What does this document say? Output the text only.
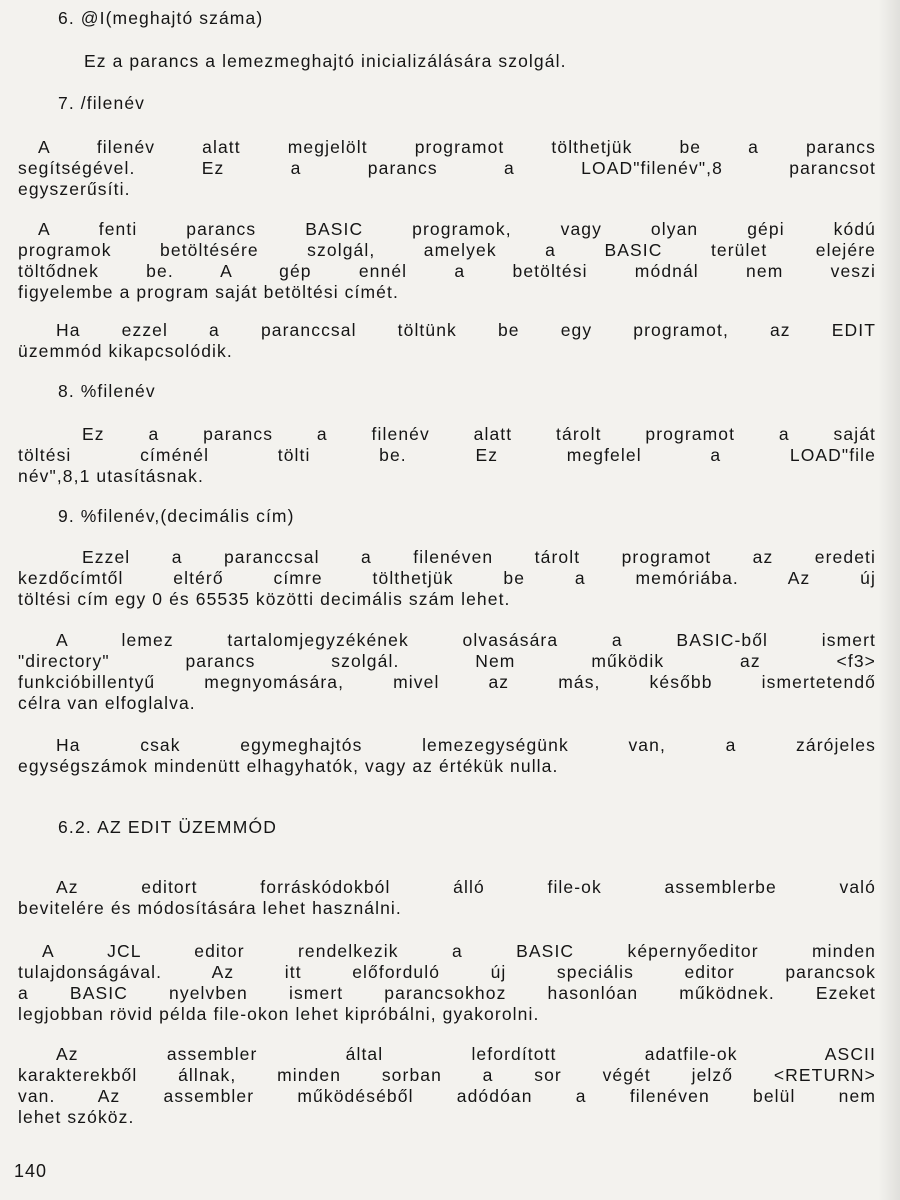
6. @I(meghajtó száma)
Ez a parancs a lemezmeghajtó inicializálására szolgál.
7. /filenév
A filenév alatt megjelölt programot tölthetjük be a parancs
segítségével. Ez a parancs a LOAD"filenév",8 parancsot
egyszerűsíti.
A fenti parancs BASIC programok, vagy olyan gépi kódú
programok betöltésére szolgál, amelyek a BASIC terület elejére
töltődnek be. A gép ennél a betöltési módnál nem veszi
figyelembe a program saját betöltési címét.
Ha ezzel a paranccsal töltünk be egy programot, az EDIT
üzemmód kikapcsolódik.
8. %filenév
Ez a parancs a filenév alatt tárolt programot a saját
töltési címénél tölti be. Ez megfelel a LOAD"file
név",8,1 utasításnak.
9. %filenév,(decimális cím)
Ezzel a paranccsal a filenéven tárolt programot az eredeti
kezdőcímtől eltérő címre tölthetjük be a memóriába. Az új
töltési cím egy 0 és 65535 közötti decimális szám lehet.
A lemez tartalomjegyzékének olvasására a BASIC-ből ismert
"directory" parancs szolgál. Nem működik az <f3>
funkcióbillentyű megnyomására, mivel az más, később ismertetendő
célra van elfoglalva.
Ha csak egymeghajtós lemezegységünk van, a zárójeles
egységszámok mindenütt elhagyhatók, vagy az értékük nulla.
6.2. AZ EDIT ÜZEMMÓD
Az editort forráskódokból álló file-ok assemblerbe való
bevitelére és módosítására lehet használni.
A JCL editor rendelkezik a BASIC képernyőeditor minden
tulajdonságával. Az itt előforduló új speciális editor parancsok
a BASIC nyelvben ismert parancsokhoz hasonlóan működnek. Ezeket
legjobban rövid példa file-okon lehet kipróbálni, gyakorolni.
Az assembler által lefordított adatfile-ok ASCII
karakterekből állnak, minden sorban a sor végét jelző <RETURN>
van. Az assembler működéséből adódóan a filenéven belül nem
lehet szóköz.
140
